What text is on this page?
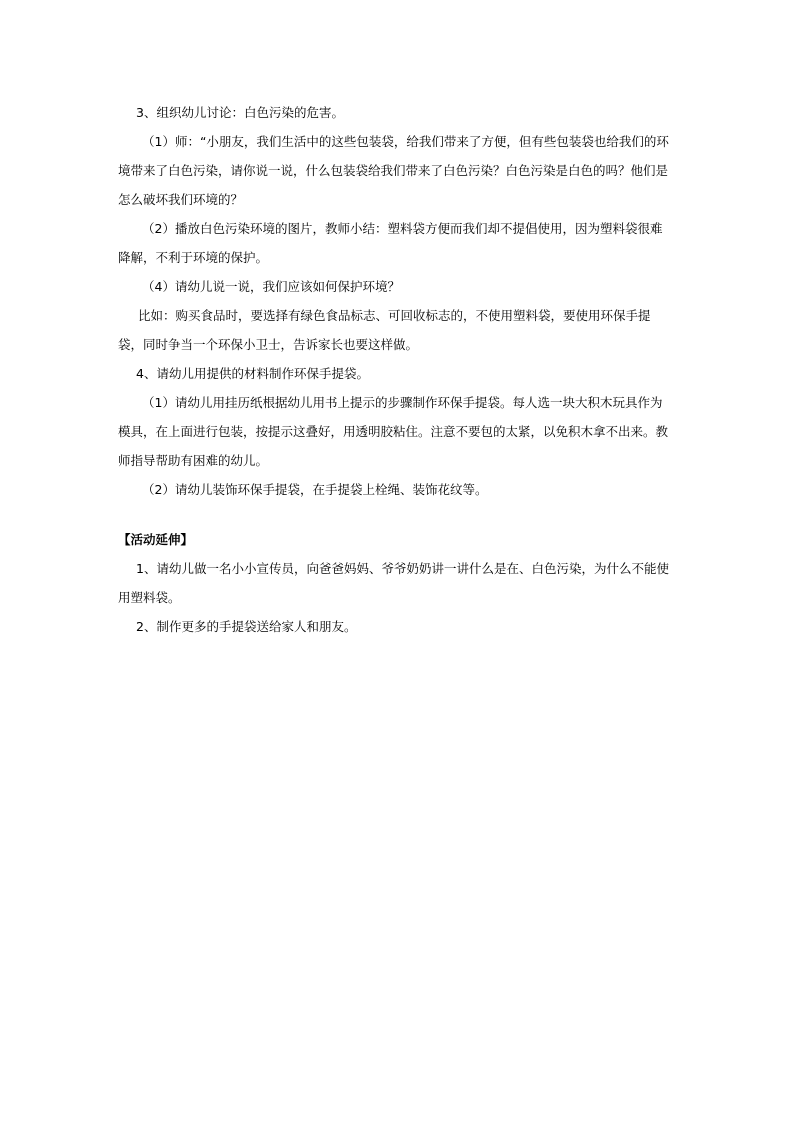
3、组织幼儿讨论：白色污染的危害。

（1）师：“小朋友，我们生活中的这些包装袋，给我们带来了方便，但有些包装袋也给我们的环境带来了白色污染，请你说一说，什么包装袋给我们带来了白色污染？白色污染是白色的吗？他们是怎么破坏我们环境的？

（2）播放白色污染环境的图片，教师小结：塑料袋方便而我们却不提倡使用，因为塑料袋很难降解，不利于环境的保护。

（4）请幼儿说一说，我们应该如何保护环境？

比如：购买食品时，要选择有绿色食品标志、可回收标志的，不使用塑料袋，要使用环保手提袋，同时争当一个环保小卫士，告诉家长也要这样做。

4、请幼儿用提供的材料制作环保手提袋。

（1）请幼儿用挂历纸根据幼儿用书上提示的步骤制作环保手提袋。每人选一块大积木玩具作为模具，在上面进行包装，按提示这叠好，用透明胶粘住。注意不要包的太紧，以免积木拿不出来。教师指导帮助有困难的幼儿。

（2）请幼儿装饰环保手提袋，在手提袋上栓绳、装饰花纹等。

【活动延伸】

1、请幼儿做一名小小宣传员，向爸爸妈妈、爷爷奶奶讲一讲什么是在、白色污染，为什么不能使用塑料袋。

2、制作更多的手提袋送给家人和朋友。
